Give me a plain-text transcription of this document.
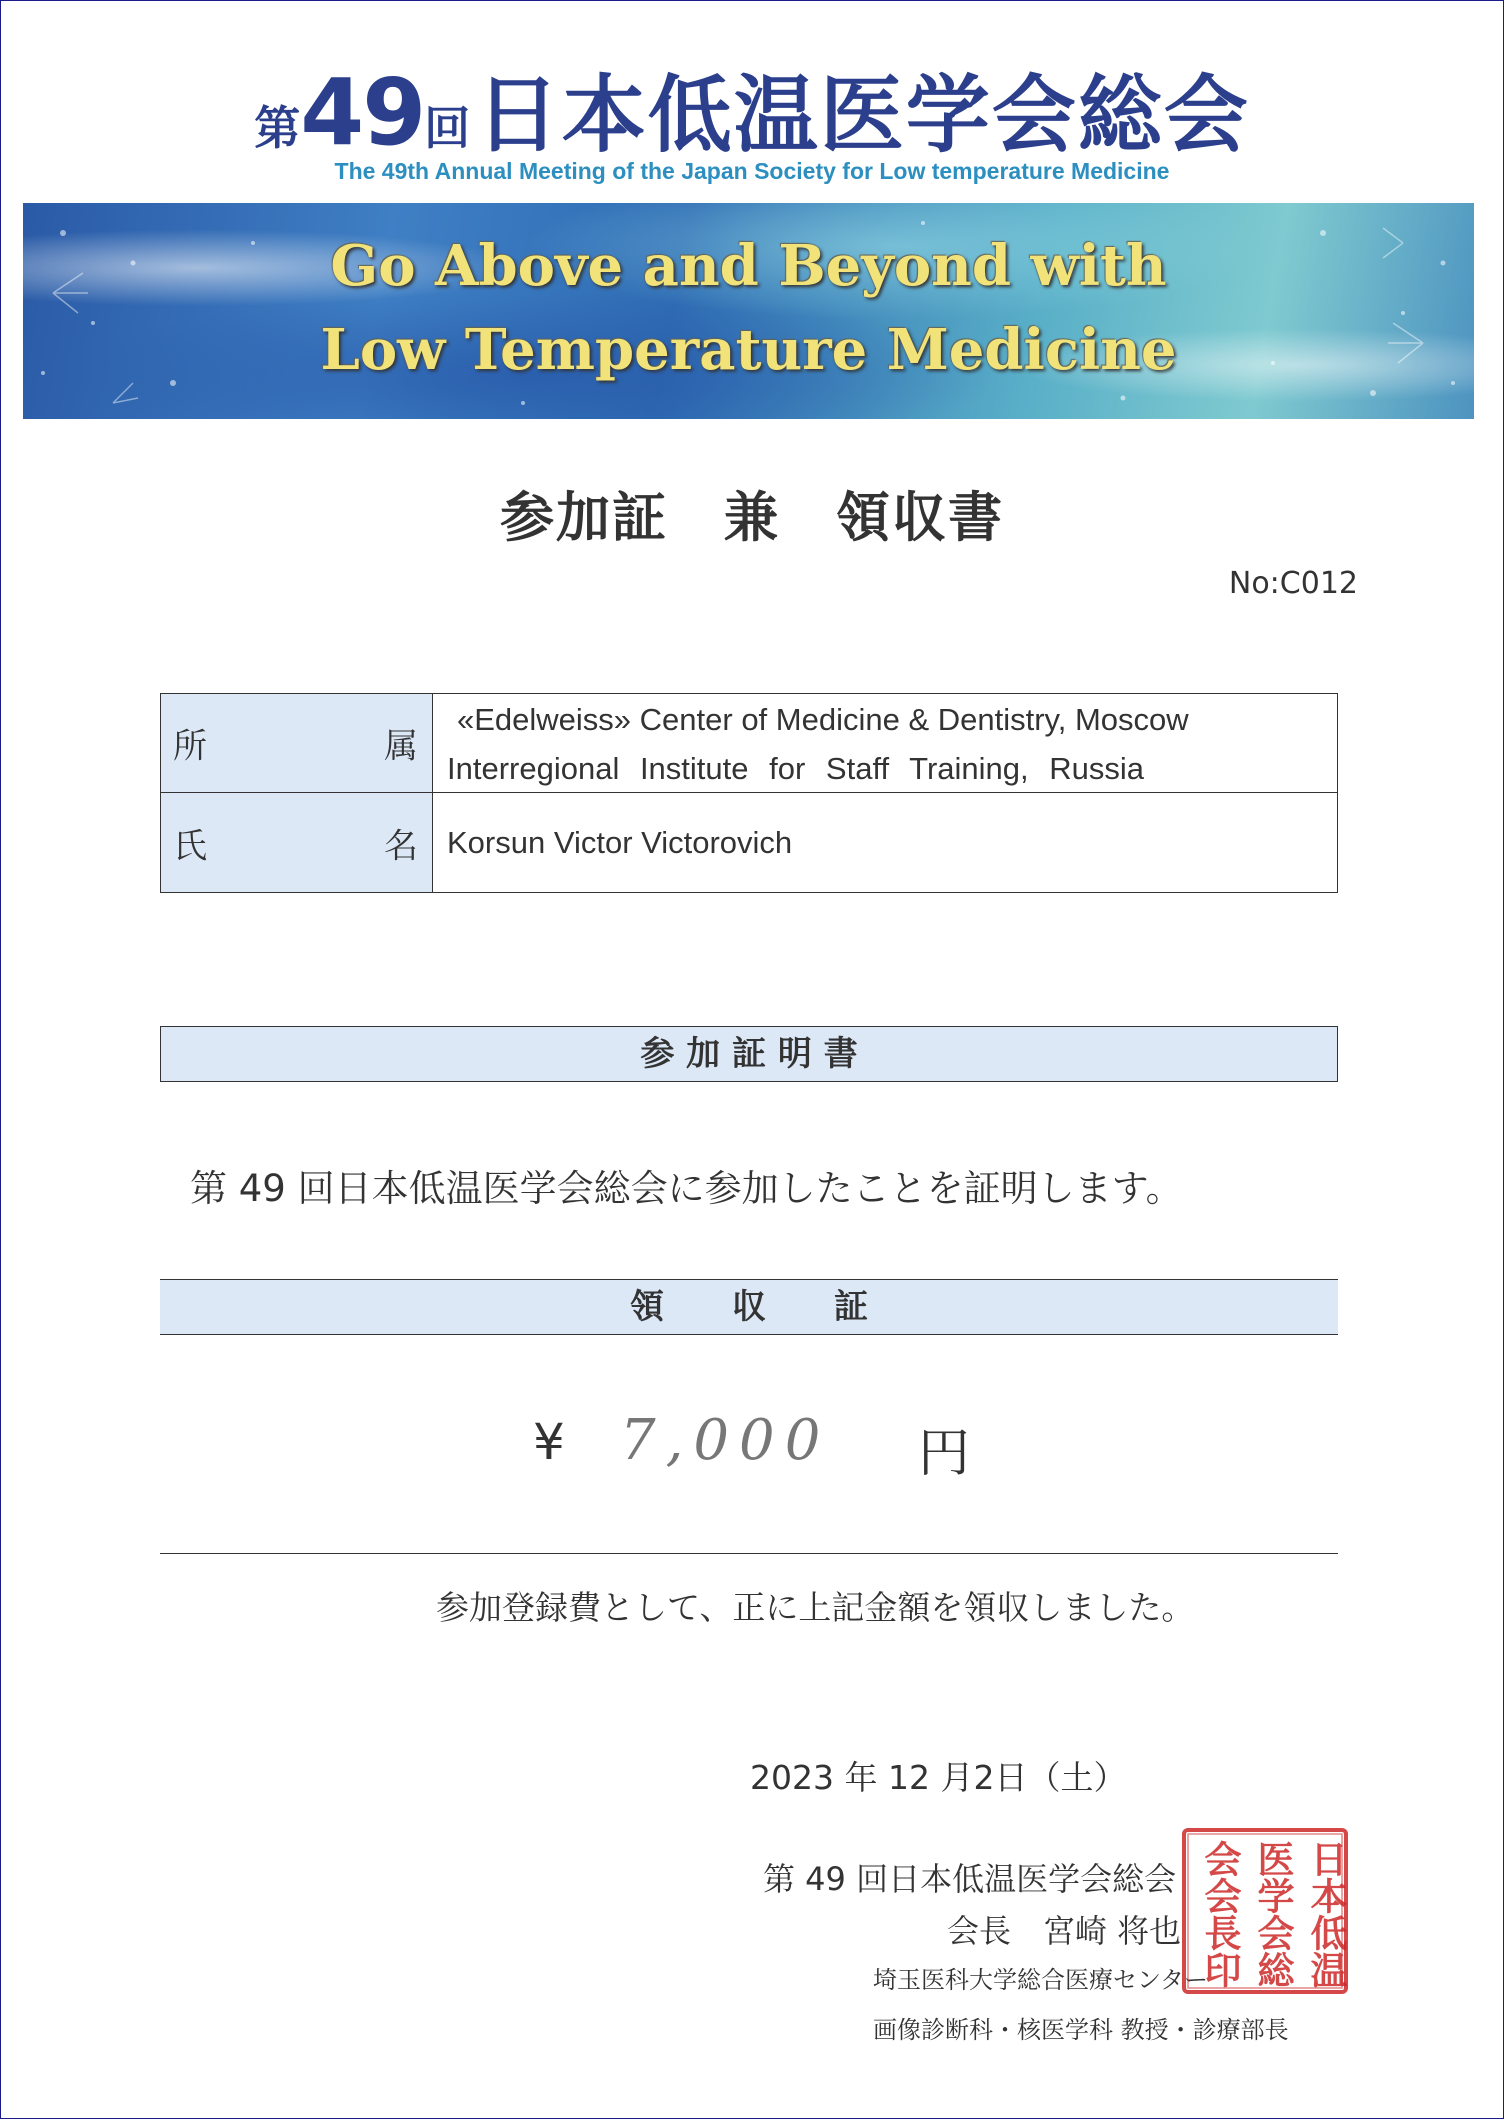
第49回 日本低温医学会総会
The 49th Annual Meeting of the Japan Society for Low temperature Medicine
Go Above and Beyond with
Low Temperature Medicine
参加証　兼　領収書
No:C012
所	属
«Edelweiss» Center of Medicine & Dentistry, Moscow
Interregional Institute for Staff Training, Russia
氏	名 Korsun Victor Victorovich
参 加 証 明 書
第 49 回日本低温医学会総会に参加したことを証明します。
領　　収　　証
¥ 7,000 円
参加登録費として、正に上記金額を領収しました。
2023 年 12 月2日（土）
第 49 回日本低温医学会総会
会長　宮崎 将也
埼玉医科大学総合医療センター
画像診断科・核医学科 教授・診療部長
会会長印 医学会総 日本低温
